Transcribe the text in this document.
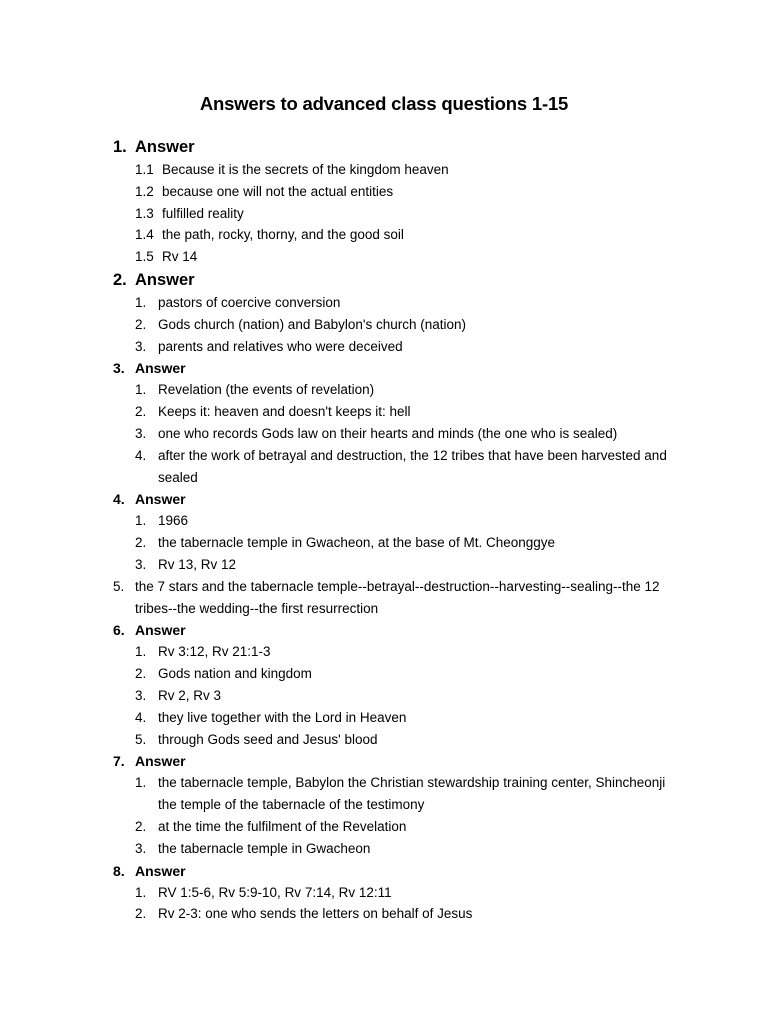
Answers to advanced class questions 1-15
1. Answer
1.1 Because it is the secrets of the kingdom heaven
1.2 because one will not the actual entities
1.3 fulfilled reality
1.4 the path, rocky, thorny, and the good soil
1.5 Rv 14
2. Answer
1. pastors of coercive conversion
2. Gods church (nation) and Babylon's church (nation)
3. parents and relatives who were deceived
3. Answer
1. Revelation (the events of revelation)
2. Keeps it: heaven and doesn't keeps it: hell
3. one who records Gods law on their hearts and minds (the one who is sealed)
4. after the work of betrayal and destruction, the 12 tribes that have been harvested and sealed
4. Answer
1. 1966
2. the tabernacle temple in Gwacheon, at the base of Mt. Cheonggye
3. Rv 13, Rv 12
5. the 7 stars and the tabernacle temple--betrayal--destruction--harvesting--sealing--the 12 tribes--the wedding--the first resurrection
6. Answer
1. Rv 3:12, Rv 21:1-3
2. Gods nation and kingdom
3. Rv 2, Rv 3
4. they live together with the Lord in Heaven
5. through Gods seed and Jesus' blood
7. Answer
1. the tabernacle temple, Babylon the Christian stewardship training center, Shincheonji the temple of the tabernacle of the testimony
2. at the time the fulfilment of the Revelation
3. the tabernacle temple in Gwacheon
8. Answer
1. RV 1:5-6, Rv 5:9-10, Rv 7:14, Rv 12:11
2. Rv 2-3: one who sends the letters on behalf of Jesus
